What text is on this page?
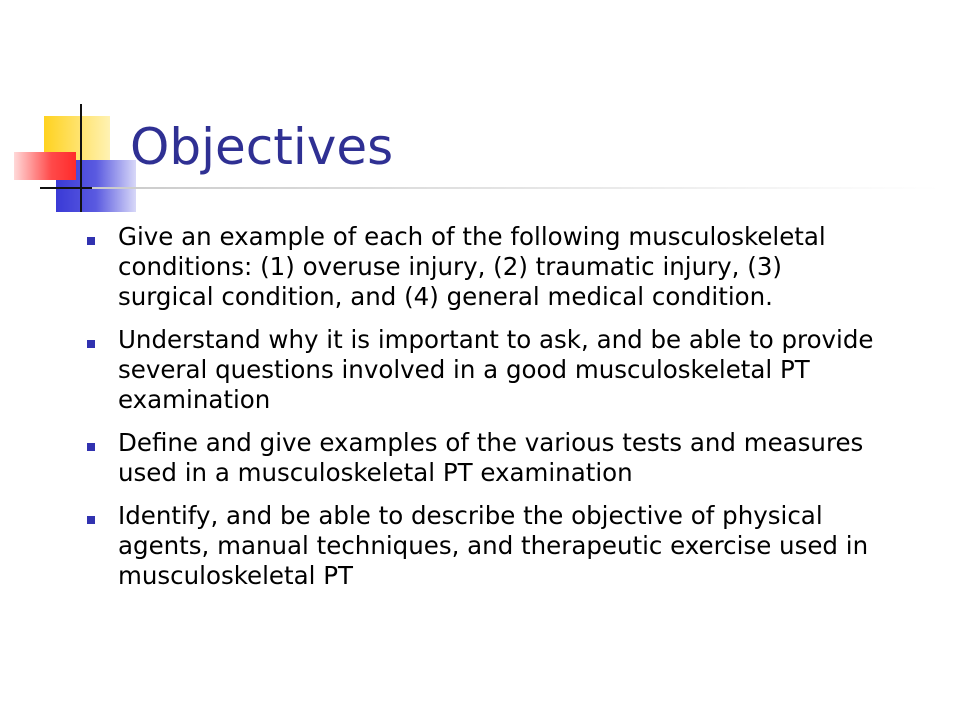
Objectives
Give an example of each of the following musculoskeletal conditions: (1) overuse injury, (2) traumatic injury, (3) surgical condition, and (4) general medical condition.
Understand why it is important to ask, and be able to provide several questions involved in a good musculoskeletal PT examination
Define and give examples of the various tests and measures used in a musculoskeletal PT examination
Identify, and be able to describe the objective of physical agents, manual techniques, and therapeutic exercise used in musculoskeletal PT
